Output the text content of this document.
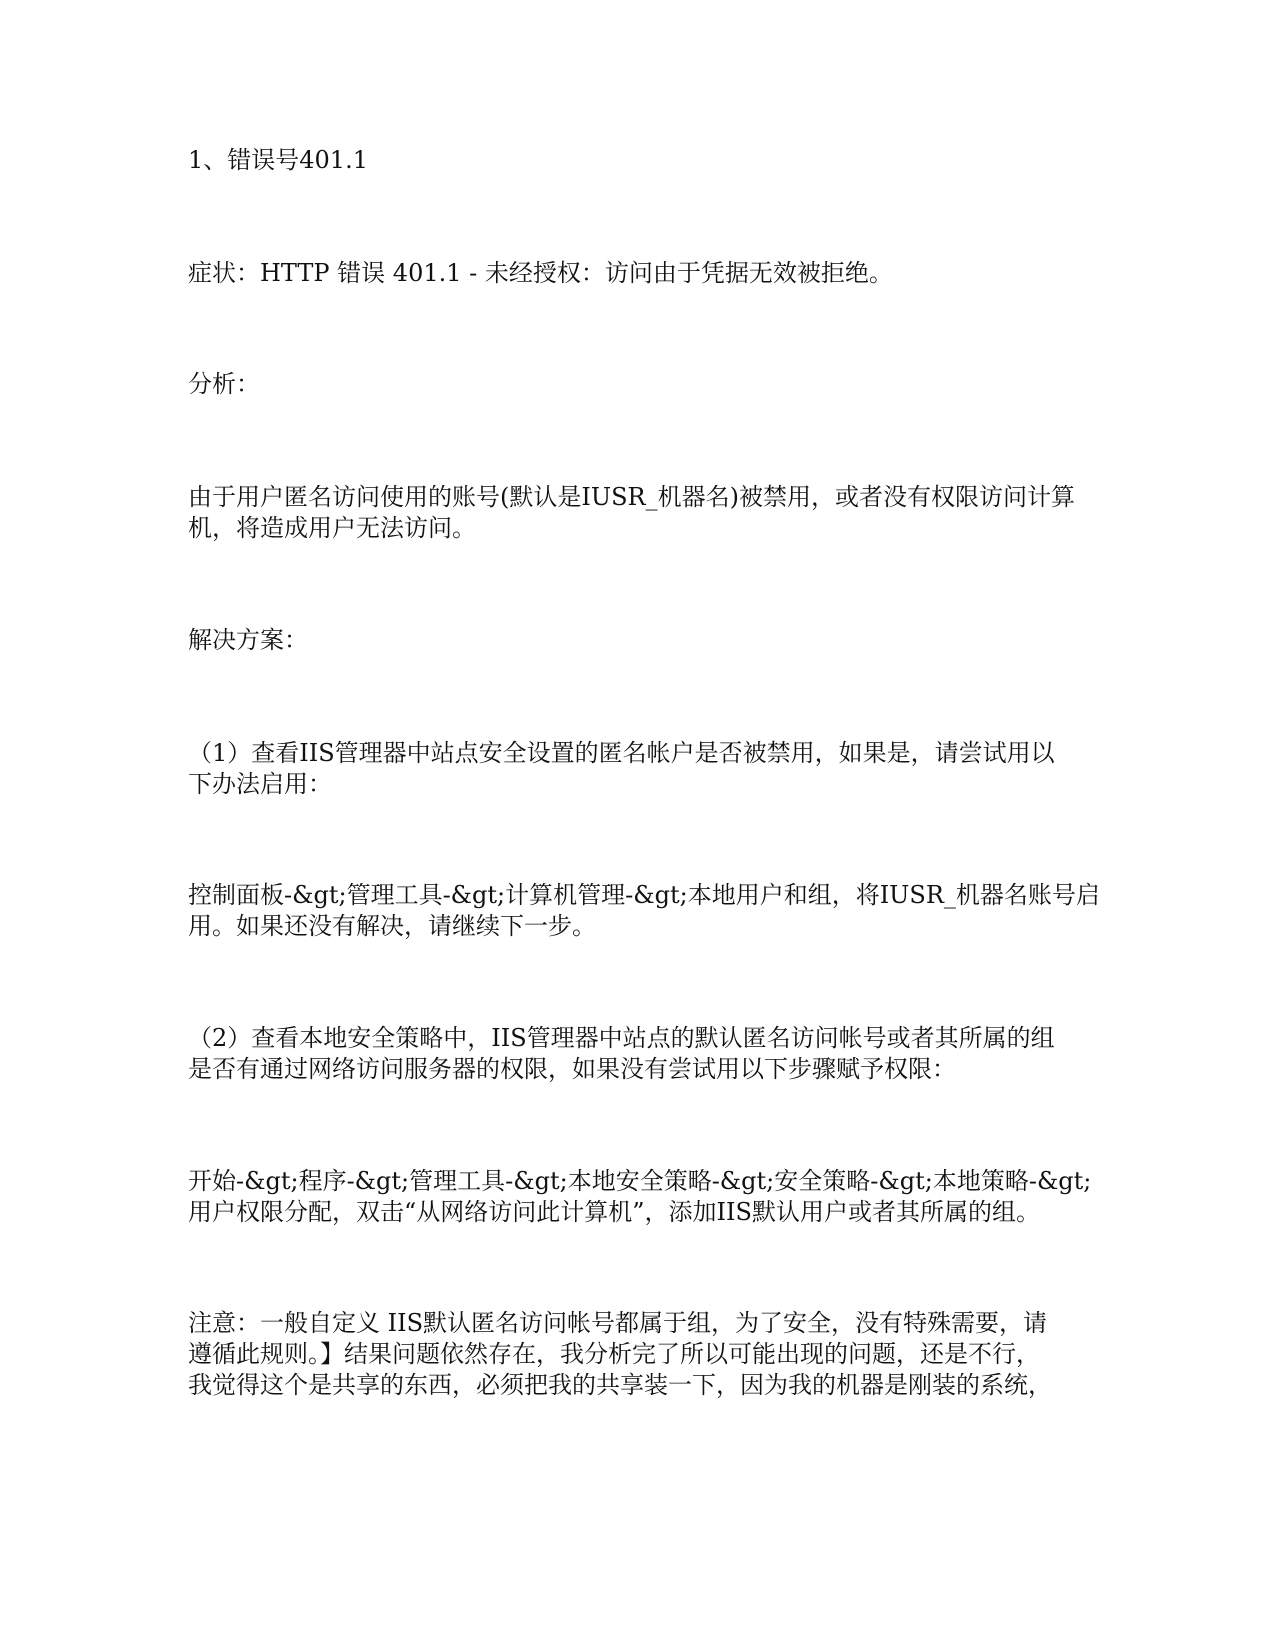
1、错误号401.1

症状：HTTP 错误 401.1 - 未经授权：访问由于凭据无效被拒绝。

分析：

由于用户匿名访问使用的账号(默认是IUSR_机器名)被禁用，或者没有权限访问计算
机，将造成用户无法访问。

解决方案：

（1）查看IIS管理器中站点安全设置的匿名帐户是否被禁用，如果是，请尝试用以
下办法启用：

控制面板-&gt;管理工具-&gt;计算机管理-&gt;本地用户和组，将IUSR_机器名账号启
用。如果还没有解决，请继续下一步。

（2）查看本地安全策略中，IIS管理器中站点的默认匿名访问帐号或者其所属的组
是否有通过网络访问服务器的权限，如果没有尝试用以下步骤赋予权限：

开始-&gt;程序-&gt;管理工具-&gt;本地安全策略-&gt;安全策略-&gt;本地策略-&gt;
用户权限分配，双击“从网络访问此计算机”，添加IIS默认用户或者其所属的组。

注意：一般自定义 IIS默认匿名访问帐号都属于组，为了安全，没有特殊需要，请
遵循此规则。】结果问题依然存在，我分析完了所以可能出现的问题，还是不行，
我觉得这个是共享的东西，必须把我的共享装一下，因为我的机器是刚装的系统，
